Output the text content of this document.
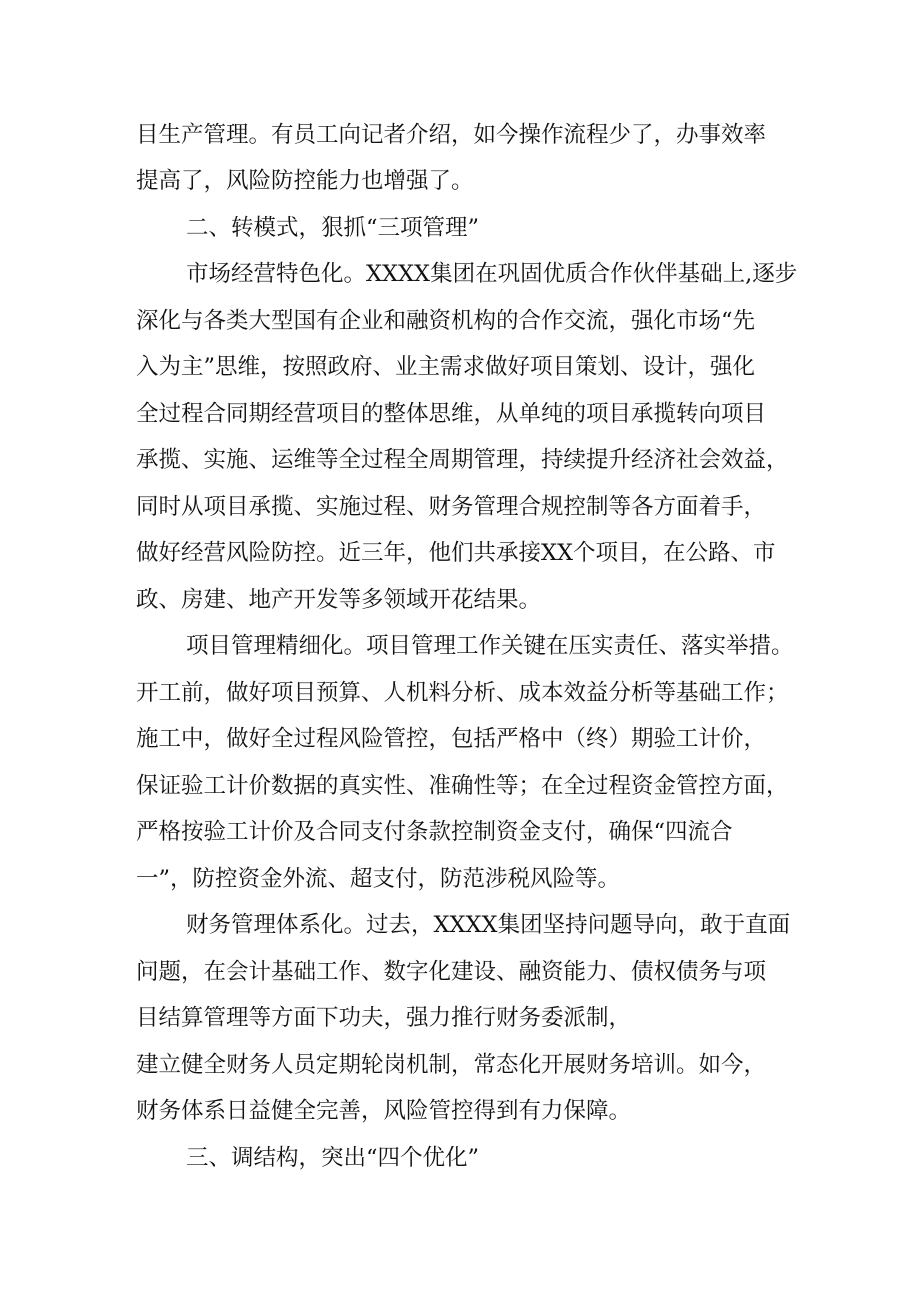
目生产管理。有员工向记者介绍，如今操作流程少了，办事效率
提高了，风险防控能力也增强了。
二、转模式，狠抓“三项管理”
市场经营特色化。XXXX集团在巩固优质合作伙伴基础上,逐步
深化与各类大型国有企业和融资机构的合作交流，强化市场“先
入为主”思维，按照政府、业主需求做好项目策划、设计，强化
全过程合同期经营项目的整体思维，从单纯的项目承揽转向项目
承揽、实施、运维等全过程全周期管理，持续提升经济社会效益，
同时从项目承揽、实施过程、财务管理合规控制等各方面着手，
做好经营风险防控。近三年，他们共承接XX个项目，在公路、市
政、房建、地产开发等多领域开花结果。
项目管理精细化。项目管理工作关键在压实责任、落实举措。
开工前，做好项目预算、人机料分析、成本效益分析等基础工作；
施工中，做好全过程风险管控，包括严格中（终）期验工计价，
保证验工计价数据的真实性、准确性等；在全过程资金管控方面，
严格按验工计价及合同支付条款控制资金支付，确保“四流合
一”，防控资金外流、超支付，防范涉税风险等。
财务管理体系化。过去，XXXX集团坚持问题导向，敢于直面
问题，在会计基础工作、数字化建设、融资能力、债权债务与项
目结算管理等方面下功夫，强力推行财务委派制，
建立健全财务人员定期轮岗机制，常态化开展财务培训。如今，
财务体系日益健全完善，风险管控得到有力保障。
三、调结构，突出“四个优化”
